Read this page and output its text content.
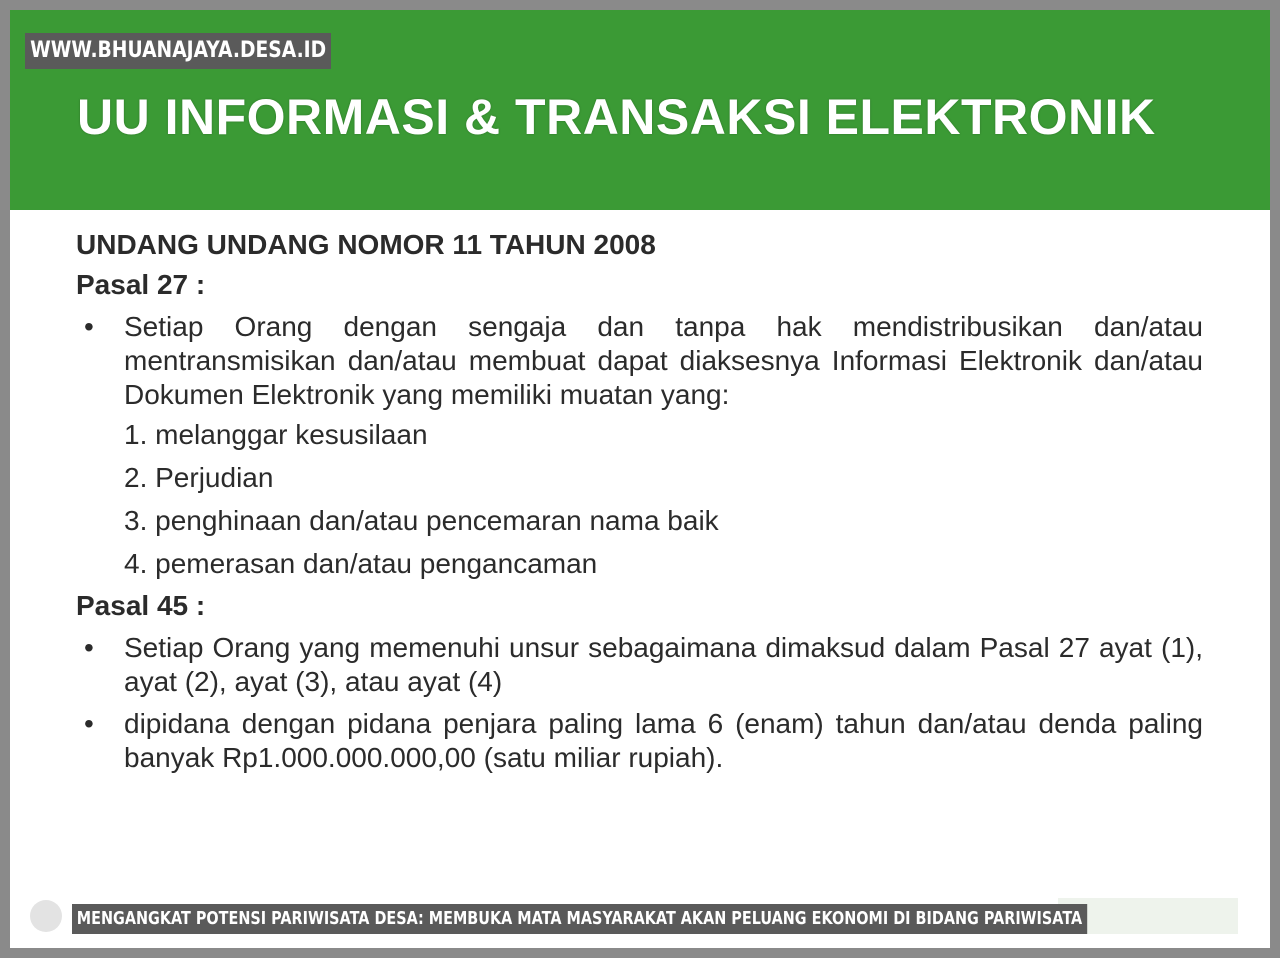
UU INFORMASI & TRANSAKSI ELEKTRONIK
UNDANG UNDANG NOMOR 11 TAHUN 2008
Pasal 27 :
• Setiap Orang dengan sengaja dan tanpa hak mendistribusikan dan/atau mentransmisikan dan/atau membuat dapat diaksesnya Informasi Elektronik dan/atau Dokumen Elektronik yang memiliki muatan yang:
1. melanggar kesusilaan
2. Perjudian
3. penghinaan dan/atau pencemaran nama baik
4. pemerasan dan/atau pengancaman
Pasal 45 :
• Setiap Orang yang memenuhi unsur sebagaimana dimaksud dalam Pasal 27 ayat (1), ayat (2), ayat (3), atau ayat (4)
• dipidana dengan pidana penjara paling lama 6 (enam) tahun dan/atau denda paling banyak Rp1.000.000.000,00 (satu miliar rupiah).
WWW.BHUANAJAYA.DESA.ID
MENGANGKAT POTENSI PARIWISATA DESA: MEMBUKA MATA MASYARAKAT AKAN PELUANG EKONOMI DI BIDANG PARIWISATA
